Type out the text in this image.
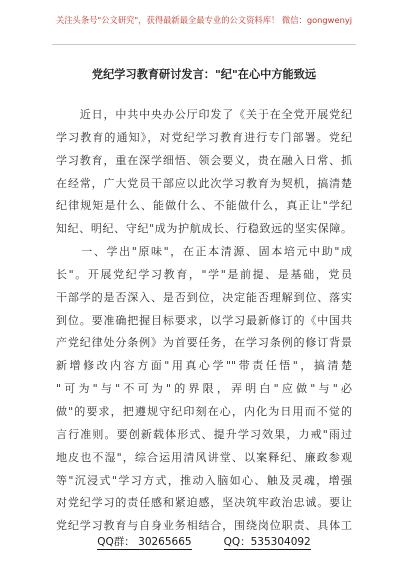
关注头条号"公文研究"，获得最新最全最专业的公文资料库！ 微信：gongwenyj
党纪学习教育研讨发言："纪"在心中方能致远
　　近日，中共中央办公厅印发了《关于在全党开展党纪
学习教育的通知》，对党纪学习教育进行专门部署。党纪
学习教育，重在深学细悟、领会要义，贵在融入日常、抓
在经常，广大党员干部应以此次学习教育为契机，搞清楚
纪律规矩是什么、能做什么、不能做什么，真正让"学纪
知纪、明纪、守纪"成为护航成长、行稳致远的坚实保障。
　　一、学出"原味"，在正本清源、固本培元中助"成
长"。开展党纪学习教育，"学"是前提、是基础，党员
干部学的是否深入、是否到位，决定能否理解到位、落实
到位。要准确把握目标要求，以学习最新修订的《中国共
产党纪律处分条例》为首要任务，在学习条例的修订背景
新增修改内容方面"用真心学""带责任悟"，搞清楚
"可为"与"不可为"的界限，弄明白"应做"与"必
做"的要求，把遵规守纪印刻在心，内化为日用而不觉的
言行准则。要创新载体形式、提升学习效果，力戒"雨过
地皮也不湿"，综合运用清风讲堂、以案释纪、廉政参观
等"沉浸式"学习方式，推动入脑如心、触及灵魂，增强
对党纪学习的责任感和紧迫感，坚决筑牢政治忠诚。要让
党纪学习教育与自身业务相结合，围绕岗位职责、具体工
QQ群： 30265665	QQ：535304092
